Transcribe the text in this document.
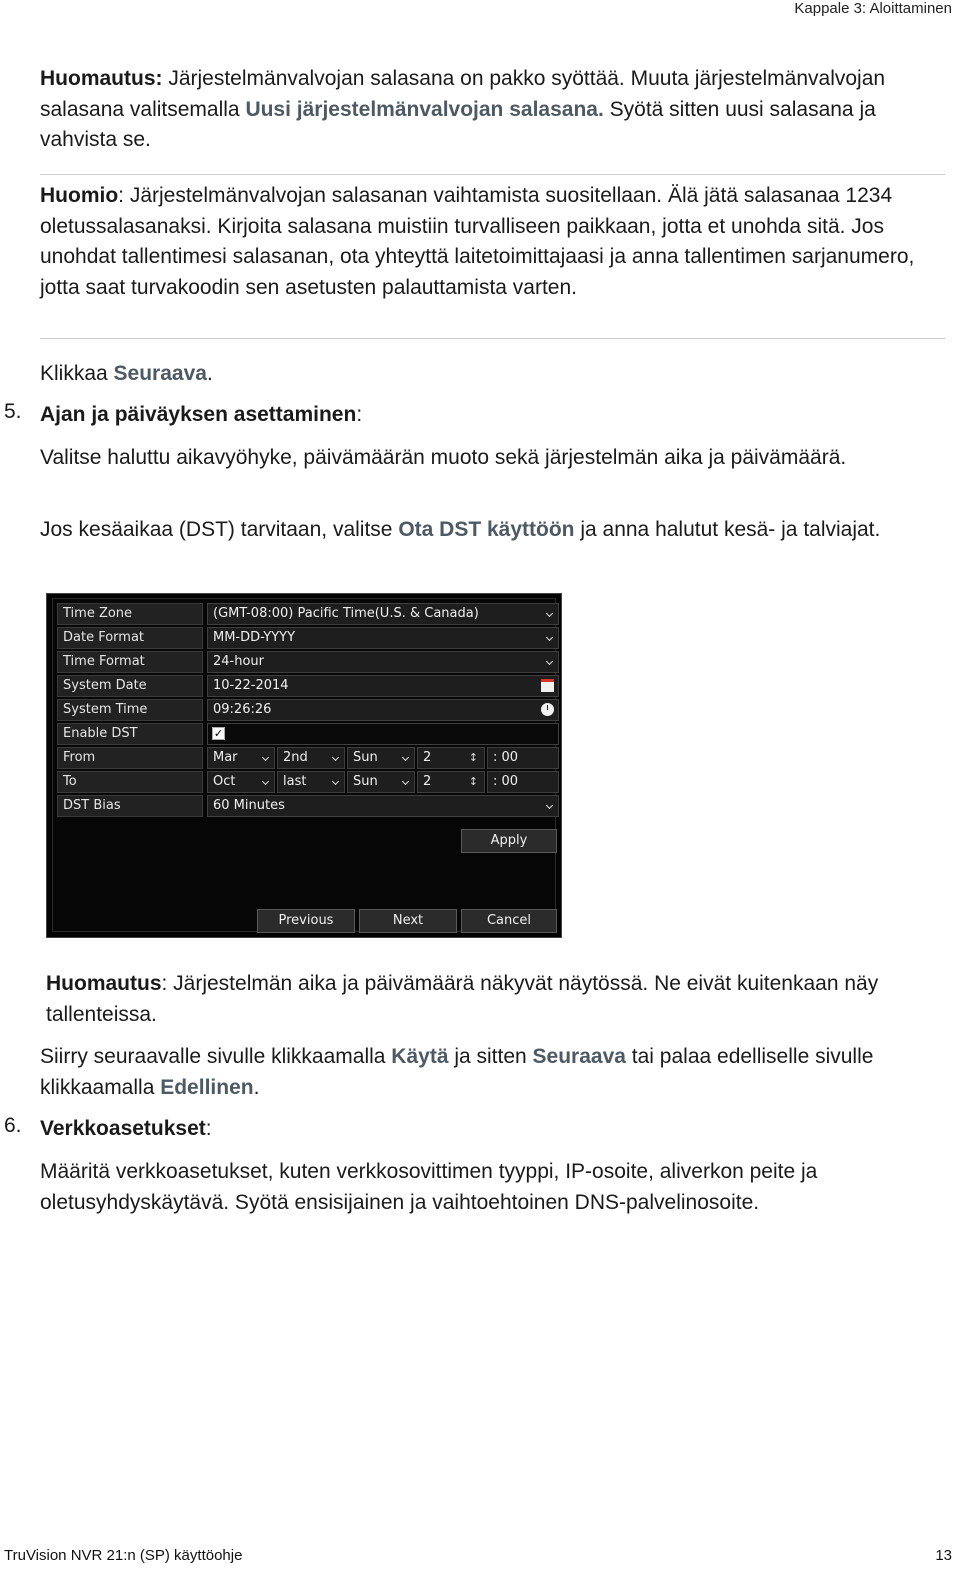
Kappale 3: Aloittaminen
Huomautus: Järjestelmänvalvojan salasana on pakko syöttää. Muuta järjestelmänvalvojan salasana valitsemalla Uusi järjestelmänvalvojan salasana. Syötä sitten uusi salasana ja vahvista se.
Huomio: Järjestelmänvalvojan salasanan vaihtamista suositellaan. Älä jätä salasanaa 1234 oletussalasanaksi. Kirjoita salasana muistiin turvalliseen paikkaan, jotta et unohda sitä. Jos unohdat tallentimesi salasanan, ota yhteyttä laitetoimittajaasi ja anna tallentimen sarjanumero, jotta saat turvakoodin sen asetusten palauttamista varten.
Klikkaa Seuraava.
5. Ajan ja päiväyksen asettaminen:
Valitse haluttu aikavyöhyke, päivämäärän muoto sekä järjestelmän aika ja päivämäärä.
Jos kesäaikaa (DST) tarvitaan, valitse Ota DST käyttöön ja anna halutut kesä- ja talviajat.
Time Zone	(GMT-08:00) Pacific Time(U.S. & Canada)
Date Format	MM-DD-YYYY
Time Format	24-hour
System Date	10-22-2014
System Time	09:26:26
Enable DST	✓
From	Mar	2nd	Sun	2 ↕	: 00
To	Oct	last	Sun	2 ↕	: 00
DST Bias	60 Minutes
Apply
Previous	Next	Cancel
Huomautus: Järjestelmän aika ja päivämäärä näkyvät näytössä. Ne eivät kuitenkaan näy tallenteissa.
Siirry seuraavalle sivulle klikkaamalla Käytä ja sitten Seuraava tai palaa edelliselle sivulle klikkaamalla Edellinen.
6. Verkkoasetukset:
Määritä verkkoasetukset, kuten verkkosovittimen tyyppi, IP-osoite, aliverkon peite ja oletusyhdyskäytävä. Syötä ensisijainen ja vaihtoehtoinen DNS-palvelinosoite.
TruVision NVR 21:n (SP) käyttöohje	13
